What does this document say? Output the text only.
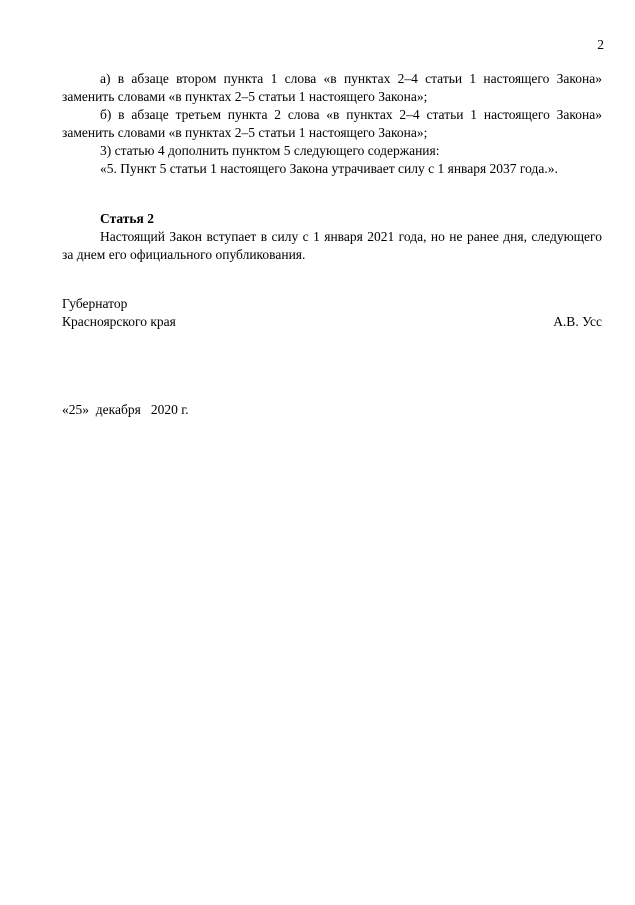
2

а) в абзаце втором пункта 1 слова «в пунктах 2–4 статьи 1 настоящего Закона» заменить словами «в пунктах 2–5 статьи 1 настоящего Закона»;

б) в абзаце третьем пункта 2 слова «в пунктах 2–4 статьи 1 настоящего Закона» заменить словами «в пунктах 2–5 статьи 1 настоящего Закона»;

3) статью 4 дополнить пунктом 5 следующего содержания:

«5. Пункт 5 статьи 1 настоящего Закона утрачивает силу с 1 января 2037 года.».

Статья 2

Настоящий Закон вступает в силу с 1 января 2021 года, но не ранее дня, следующего за днем его официального опубликования.

Губернатор
Красноярского края	А.В. Усс
«25»  декабря   2020 г.
